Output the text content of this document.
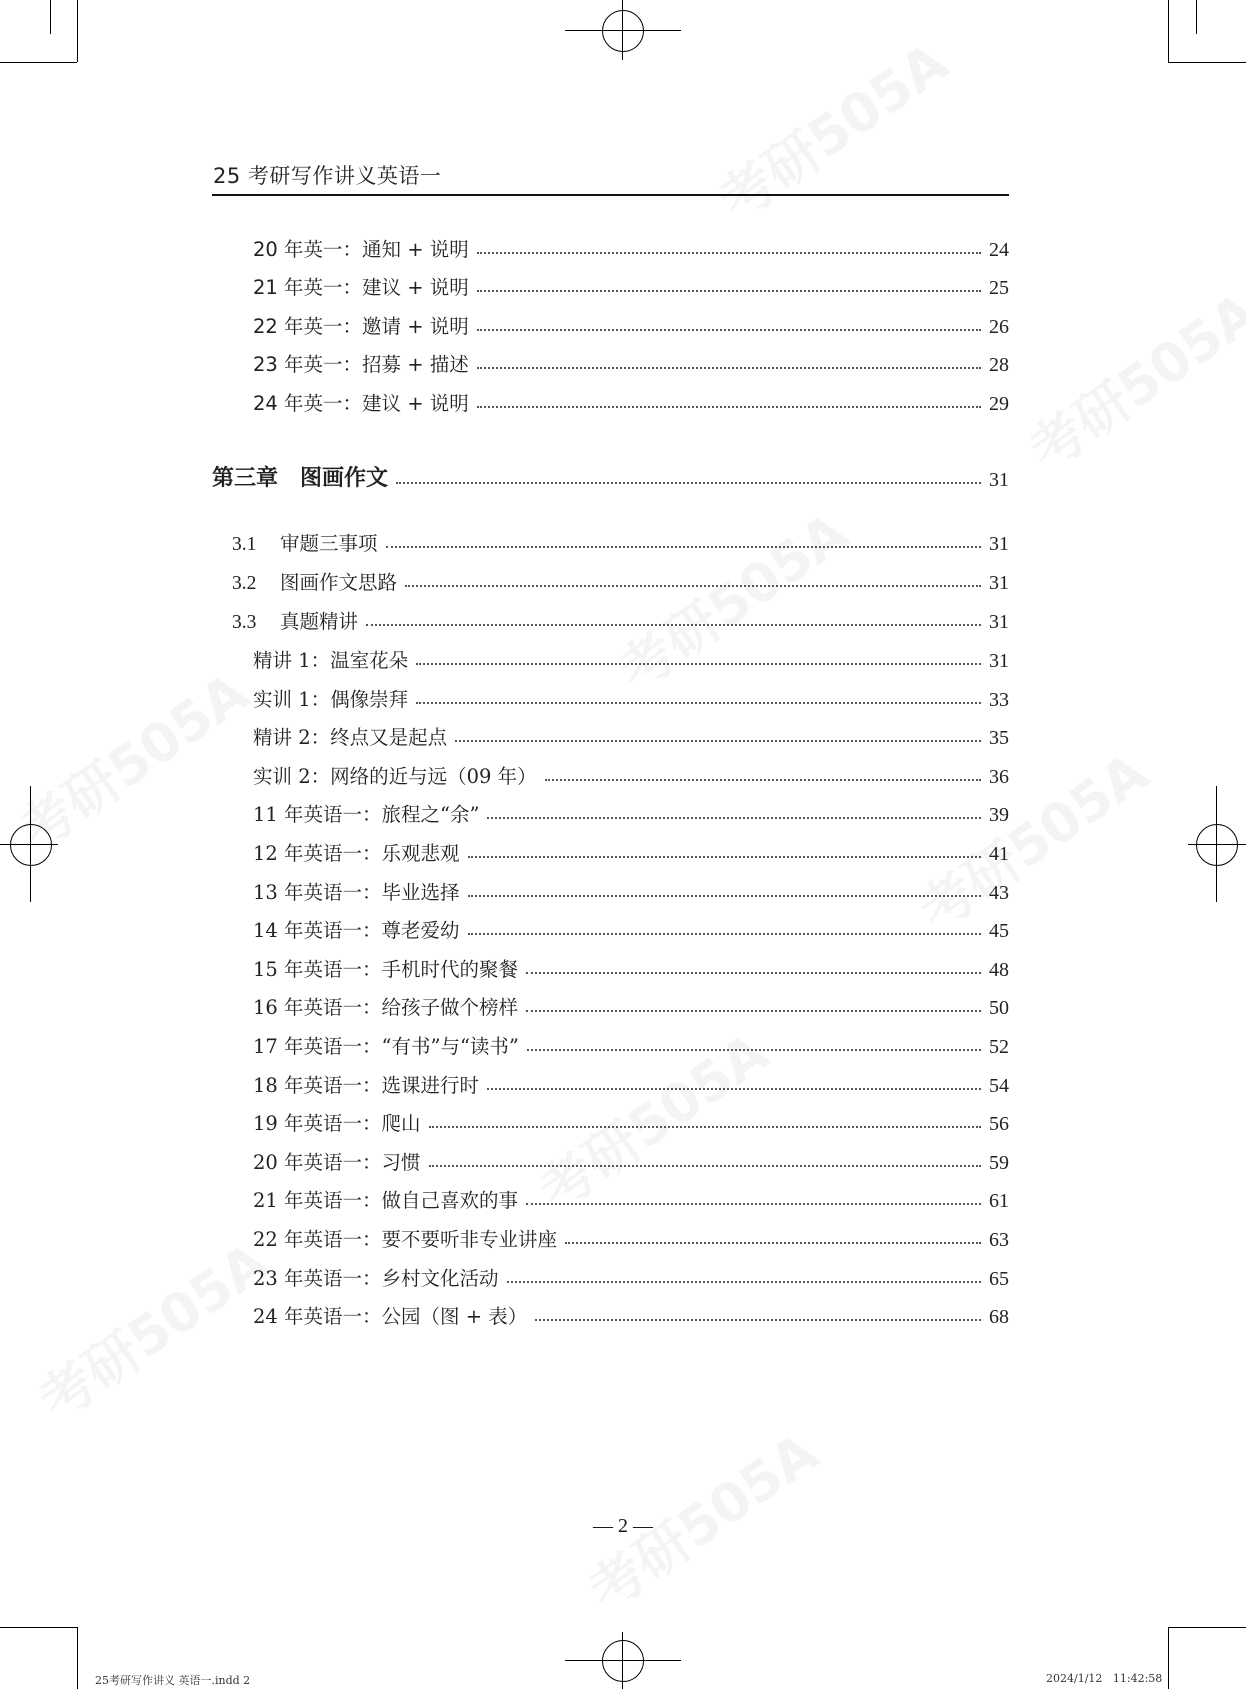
25 考研写作讲义英语一
20 年英一：通知 + 说明	24
21 年英一：建议 + 说明	25
22 年英一：邀请 + 说明	26
23 年英一：招募 + 描述	28
24 年英一：建议 + 说明	29
第三章　图画作文	31
3.1 审题三事项	31
3.2 图画作文思路	31
3.3 真题精讲	31
精讲 1：温室花朵	31
实训 1：偶像崇拜	33
精讲 2：终点又是起点	35
实训 2：网络的近与远（09 年）	36
11 年英语一：旅程之“余”	39
12 年英语一：乐观悲观	41
13 年英语一：毕业选择	43
14 年英语一：尊老爱幼	45
15 年英语一：手机时代的聚餐	48
16 年英语一：给孩子做个榜样	50
17 年英语一：“有书”与“读书”	52
18 年英语一：选课进行时	54
19 年英语一：爬山	56
20 年英语一：习惯	59
21 年英语一：做自己喜欢的事	61
22 年英语一：要不要听非专业讲座	63
23 年英语一：乡村文化活动	65
24 年英语一：公园（图 + 表）	68
— 2 —
25考研写作讲义 英语一.indd 2	2024/1/12   11:42:58
